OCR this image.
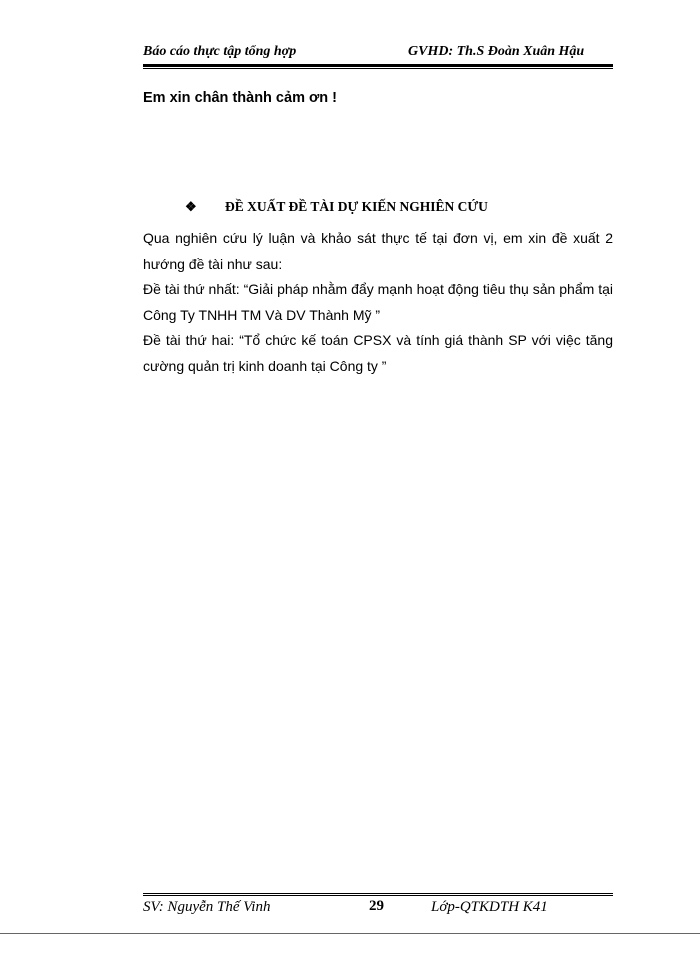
Báo cáo thực tập tổng hợp	GVHD: Th.S Đoàn Xuân Hậu
Em xin chân thành cảm ơn !
❖ ĐỀ XUẤT ĐỀ TÀI DỰ KIẾN NGHIÊN CỨU

Qua nghiên cứu lý luận và khảo sát thực tế tại đơn vị, em xin đề xuất 2 hướng đề tài như sau:

Đề tài thứ nhất: “Giải pháp nhằm đẩy mạnh hoạt động tiêu thụ sản phẩm tại Công Ty TNHH TM Và DV Thành Mỹ ”

Đề tài thứ hai: “Tổ chức kế toán CPSX và tính giá thành SP với việc tăng cường quản trị kinh doanh tại Công ty ”

SV: Nguyễn Thế Vinh	29	Lớp-QTKDTH K41
